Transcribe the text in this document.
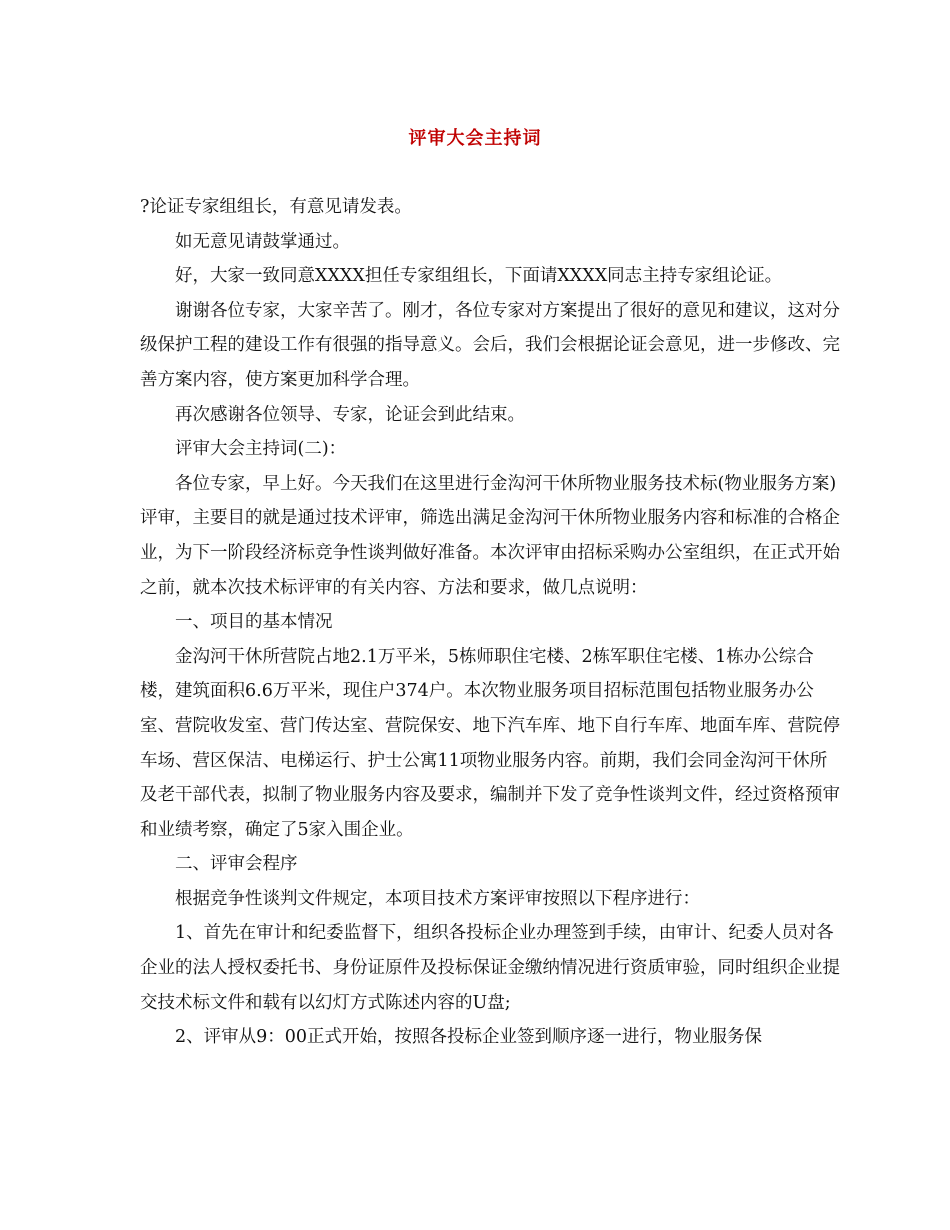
评审大会主持词

?论证专家组组长，有意见请发表。

如无意见请鼓掌通过。

好，大家一致同意XXXX担任专家组组长，下面请XXXX同志主持专家组论证。

谢谢各位专家，大家辛苦了。刚才，各位专家对方案提出了很好的意见和建议，这对分级保护工程的建设工作有很强的指导意义。会后，我们会根据论证会意见，进一步修改、完善方案内容，使方案更加科学合理。

再次感谢各位领导、专家，论证会到此结束。

评审大会主持词(二)：

各位专家，早上好。今天我们在这里进行金沟河干休所物业服务技术标(物业服务方案)评审，主要目的就是通过技术评审，筛选出满足金沟河干休所物业服务内容和标准的合格企业，为下一阶段经济标竞争性谈判做好准备。本次评审由招标采购办公室组织，在正式开始之前，就本次技术标评审的有关内容、方法和要求，做几点说明：

一、项目的基本情况

金沟河干休所营院占地2.1万平米，5栋师职住宅楼、2栋军职住宅楼、1栋办公综合楼，建筑面积6.6万平米，现住户374户。本次物业服务项目招标范围包括物业服务办公室、营院收发室、营门传达室、营院保安、地下汽车库、地下自行车库、地面车库、营院停车场、营区保洁、电梯运行、护士公寓11项物业服务内容。前期，我们会同金沟河干休所及老干部代表，拟制了物业服务内容及要求，编制并下发了竞争性谈判文件，经过资格预审和业绩考察，确定了5家入围企业。

二、评审会程序

根据竞争性谈判文件规定，本项目技术方案评审按照以下程序进行：

1、首先在审计和纪委监督下，组织各投标企业办理签到手续，由审计、纪委人员对各企业的法人授权委托书、身份证原件及投标保证金缴纳情况进行资质审验，同时组织企业提交技术标文件和载有以幻灯方式陈述内容的U盘;

2、评审从9：00正式开始，按照各投标企业签到顺序逐一进行，物业服务保
